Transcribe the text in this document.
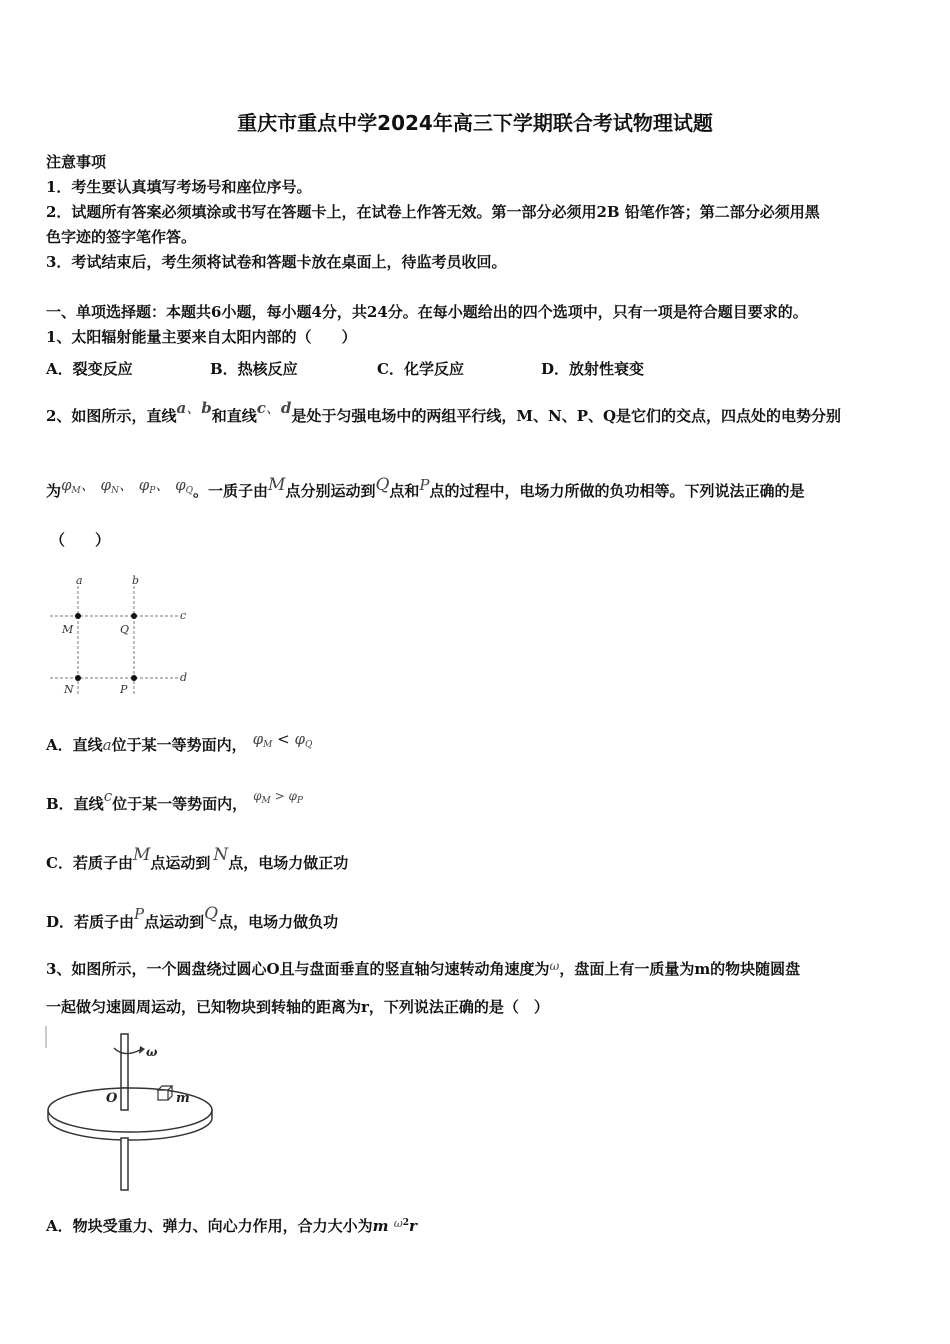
重庆市重点中学2024年高三下学期联合考试物理试题
注意事项
1．考生要认真填写考场号和座位序号。
2．试题所有答案必须填涂或书写在答题卡上，在试卷上作答无效。第一部分必须用2B 铅笔作答；第二部分必须用黑
色字迹的签字笔作答。
3．考试结束后，考生须将试卷和答题卡放在桌面上，待监考员收回。
一、单项选择题：本题共6小题，每小题4分，共24分。在每小题给出的四个选项中，只有一项是符合题目要求的。
1、太阳辐射能量主要来自太阳内部的（　　）
A．裂变反应	B．热核反应	C．化学反应	D．放射性衰变
2、如图所示，直线a、b和直线c、d是处于匀强电场中的两组平行线，M、N、P、Q是它们的交点，四点处的电势分别
为$\varphi_M$、 $\varphi_N$、 $\varphi_P$、 $\varphi_Q$。一质子由M点分别运动到Q点和P点的过程中，电场力所做的负功相等。下列说法正确的是
（　　）
a	b
c
d
M	Q
N	P
A．直线a位于某一等势面内， $\varphi_M < \varphi_Q$
B．直线c位于某一等势面内， $^{\varphi_M > \varphi_P}$
C．若质子由M点运动到 N点，电场力做正功
D．若质子由P点运动到Q点，电场力做负功
3、如图所示，一个圆盘绕过圆心O且与盘面垂直的竖直轴匀速转动角速度为$^\omega$，盘面上有一质量为m的物块随圆盘
一起做匀速圆周运动，已知物块到转轴的距离为r，下列说法正确的是（　）
ω
O	m
A．物块受重力、弹力、向心力作用，合力大小为m $^{\omega 2}$r
